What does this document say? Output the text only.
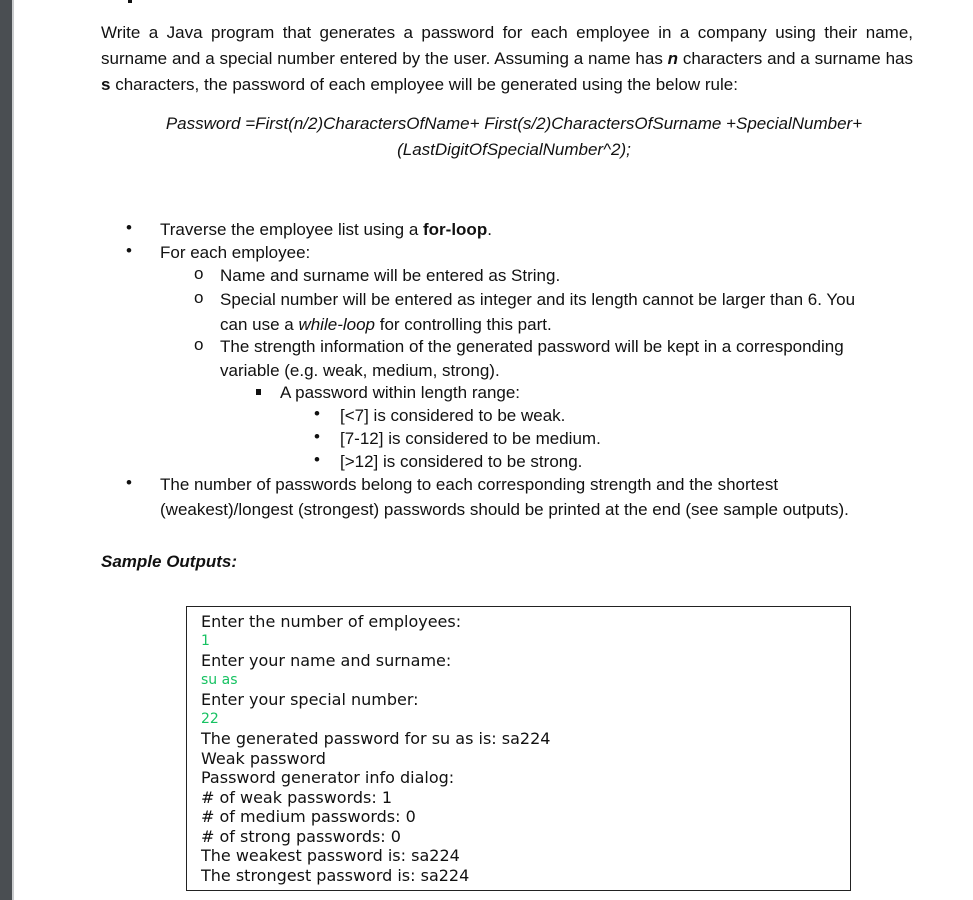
Write a Java program that generates a password for each employee in a company using their name, surname and a special number entered by the user. Assuming a name has n characters and a surname has s characters, the password of each employee will be generated using the below rule:
Password =First(n/2)CharactersOfName+ First(s/2)CharactersOfSurname +SpecialNumber+
(LastDigitOfSpecialNumber^2);
• Traverse the employee list using a for-loop.
• For each employee:
o Name and surname will be entered as String.
o Special number will be entered as integer and its length cannot be larger than 6. You
can use a while-loop for controlling this part.
o The strength information of the generated password will be kept in a corresponding
variable (e.g. weak, medium, strong).
A password within length range:
• [<7] is considered to be weak.
• [7-12] is considered to be medium.
• [>12] is considered to be strong.
• The number of passwords belong to each corresponding strength and the shortest
(weakest)/longest (strongest) passwords should be printed at the end (see sample outputs).
Sample Outputs:
Enter the number of employees:
1
Enter your name and surname:
su as
Enter your special number:
22
The generated password for su as is: sa224
Weak password
Password generator info dialog:
# of weak passwords: 1
# of medium passwords: 0
# of strong passwords: 0
The weakest password is: sa224
The strongest password is: sa224
